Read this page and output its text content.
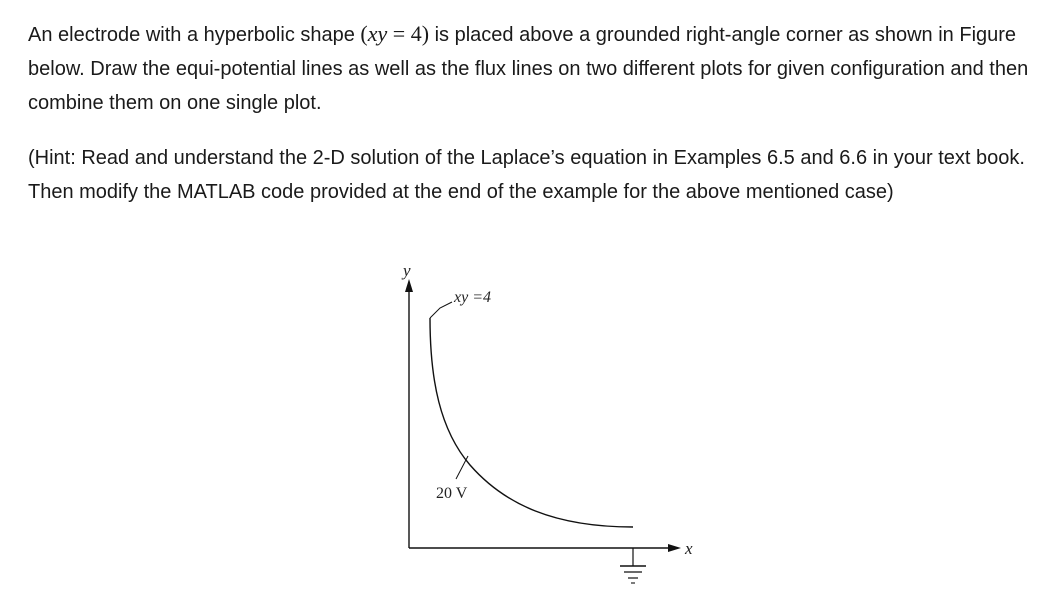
An electrode with a hyperbolic shape (xy = 4) is placed above a grounded right-angle corner as shown in Figure below. Draw the equi-potential lines as well as the flux lines on two different plots for given configuration and then combine them on one single plot.

(Hint: Read and understand the 2-D solution of the Laplace’s equation in Examples 6.5 and 6.6 in your text book. Then modify the MATLAB code provided at the end of the example for the above mentioned case)

y
x
xy =4
20 V
